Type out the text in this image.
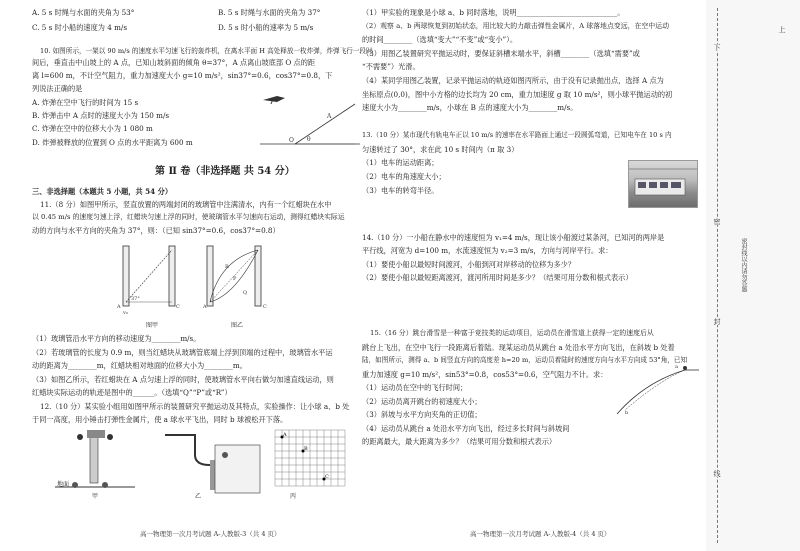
A. 5 s 时绳与水面的夹角为 53°	B. 5 s 时绳与水面的夹角为 37°
C. 5 s 时小船的速度为 4 m/s	D. 5 s 时小船的速率为 5 m/s
10. 如图所示，一架以 90 m/s 的速度水平匀速飞行的轰炸机，在离水平面 H 高处释放一枚炸弹，炸弹飞行一段时
间后，垂直击中山坡上的 A 点，已知山坡斜面的倾角 θ=37°，A 点离山坡底部 O 点的距
离 l=600 m，不计空气阻力，重力加速度大小 g=10 m/s²，sin37°=0.6，cos37°=0.8，下
列说法正确的是
A. 炸弹在空中飞行的时间为 15 s
B. 炸弹击中 A 点时的速度大小为 150 m/s
C. 炸弹在空中的位移大小为 1 080 m
D. 炸弹被释放的位置到 O 点的水平距离为 600 m	O
A
θ
第 Ⅱ 卷（非选择题 共 54 分）
三、非选择题（本题共 5 小题，共 54 分）
11.（8 分）如图甲所示，竖直放置的两端封闭的玻璃管中注满清水，内有一个红蜡块在水中
以 0.45 m/s 的速度匀速上浮，红蜡块匀速上浮的同时，使玻璃管水平匀速向右运动，测得红蜡块实际运
动的方向与水平方向的夹角为 37°，则：（已知 sin37°=0.6，cos37°=0.8）
37°
A	C
v₀
R
P
Q
A	C
图甲	图乙
（1）玻璃管沿水平方向的移动速度为________m/s。
（2）若玻璃管的长度为 0.9 m，则当红蜡块从玻璃管底端上浮到顶端的过程中，玻璃管水平运
动的距离为________m，红蜡块相对地面的位移大小为________m。
（3）如图乙所示，若红蜡块在 A 点匀速上浮的同时，使玻璃管水平向右做匀加速直线运动，则
红蜡块实际运动的轨迹是图中的______。（选填“Q”“P”或“R”）
12.（10 分）某实验小组用如图甲所示的装置研究平抛运动及其特点，实验操作：让小球 a、b 处
于同一高度，用小锤击打弹性金属片，使 a 球水平飞出，同时 b 球被松开下落。
A
B
C
地面
甲	乙	丙
高一物理第一次月考试题 A-人教版-3（共 4 页）
（1）甲实验的现象是小球 a、b 同时落地，说明____________________________。
（2）观察 a、b 两球恢复到初始状态，用比较大的力敲击弹性金属片，A 球落地点变远，在空中运动
的时间________（选填“变大”“不变”或“变小”）。
（3）用图乙装置研究平抛运动时，要保证斜槽末端水平，斜槽________（选填“需要”或
“不需要”）光滑。
（4）某同学用图乙装置，记录平抛运动的轨迹如图丙所示，由于没有记录抛出点，选择 A 点为
坐标原点(0,0)，图中小方格的边长均为 20 cm，重力加速度 g 取 10 m/s²，则小球平抛运动的初
速度大小为________m/s，小球在 B 点的速度大小为________m/s。
13.（10 分）某市现代有轨电车正以 10 m/s 的速率在水平路面上通过一段圆弧弯道，已知电车在 10 s 内
匀速转过了 30°，求在此 10 s 时间内（π 取 3）
（1）电车的运动距离；
（2）电车的角速度大小；
（3）电车的转弯半径。
14.（10 分）一小船在静水中的速度恒为 v₁=4 m/s，现让该小船渡过某条河，已知河的两岸是
平行线，河宽为 d=100 m，水流速度恒为 v₂=3 m/s，方向与河岸平行。求：
（1）要使小船以最短时间渡河，小船到河对岸移动的位移为多少？
（2）要使小船以最短距离渡河，渡河所用时间是多少？（结果可用分数和根式表示）
15.（16 分）跳台滑雪是一种富于竞技类的运动项目，运动员在滑雪道上获得一定的速度后从
跳台上飞出，在空中飞行一段距离后着陆。现某运动员从跳台 a 处沿水平方向飞出，在斜坡 b 处着
陆，如图所示，测得 a、b 间竖直方向的高度差 h=20 m，运动员着陆时的速度方向与水平方向成 53°角，已知
重力加速度 g=10 m/s²，sin53°=0.8，cos53°=0.6，空气阻力不计。求：
（1）运动员在空中的飞行时间；
（2）运动员离开跳台的初速度大小；
（3）斜坡与水平方向夹角的正切值；
（4）运动员从跳台 a 处沿水平方向飞出，经过多长时间与斜坡间
的距离最大，最大距离为多少？（结果可用分数和根式表示）
a
b
高一物理第一次月考试题 A-人教版-4（共 4 页）
下
上
密
封
线
密封线以内请勿答题
